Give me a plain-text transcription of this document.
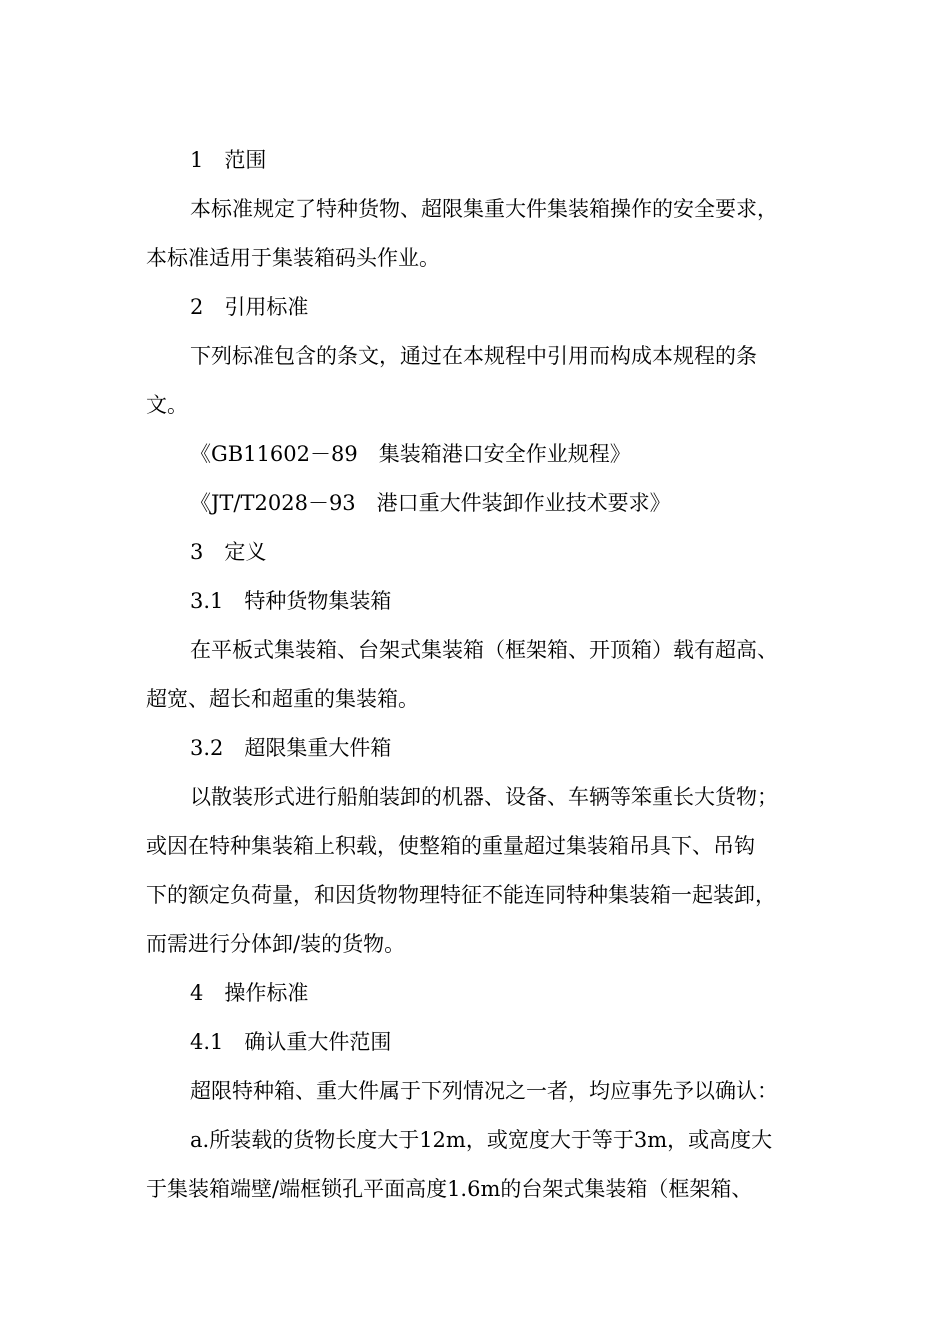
1　范围
本标准规定了特种货物、超限集重大件集装箱操作的安全要求，
本标准适用于集装箱码头作业。
2　引用标准
下列标准包含的条文，通过在本规程中引用而构成本规程的条
文。
《GB11602－89　集装箱港口安全作业规程》
《JT/T2028－93　港口重大件装卸作业技术要求》
3　定义
3.1　特种货物集装箱
在平板式集装箱、台架式集装箱（框架箱、开顶箱）载有超高、
超宽、超长和超重的集装箱。
3.2　超限集重大件箱
以散装形式进行船舶装卸的机器、设备、车辆等笨重长大货物；
或因在特种集装箱上积载，使整箱的重量超过集装箱吊具下、吊钩
下的额定负荷量，和因货物物理特征不能连同特种集装箱一起装卸，
而需进行分体卸/装的货物。
4　操作标准
4.1　确认重大件范围
超限特种箱、重大件属于下列情况之一者，均应事先予以确认：
a.所装载的货物长度大于12m，或宽度大于等于3m，或高度大
于集装箱端壁/端框锁孔平面高度1.6m的台架式集装箱（框架箱、
